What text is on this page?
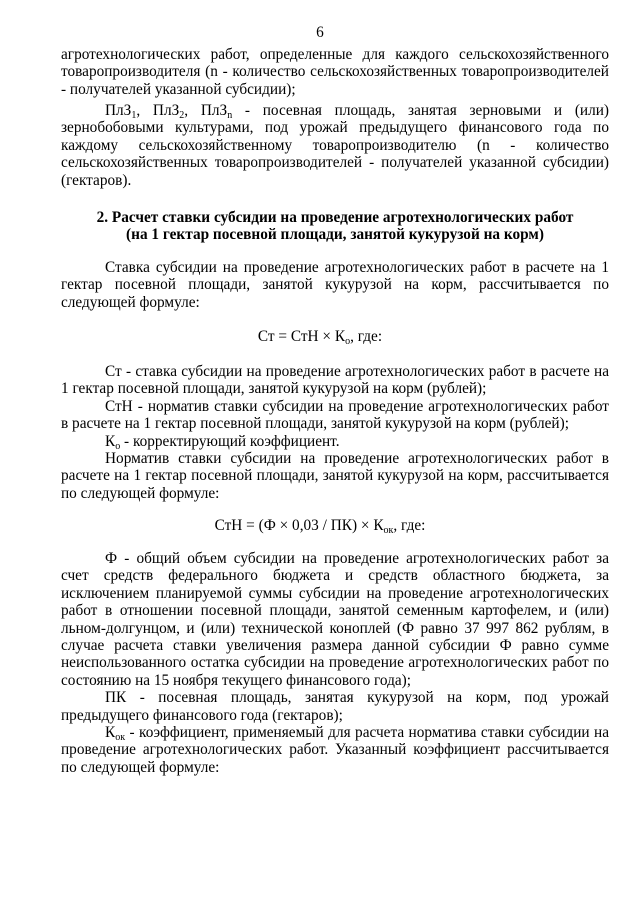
6

агротехнологических работ, определенные для каждого сельскохозяйственного товаропроизводителя (n - количество сельскохозяйственных товаропроизводителей - получателей указанной субсидии);

ПлЗ$_1$, ПлЗ$_2$, ПлЗ$_n$ - посевная площадь, занятая зерновыми и (или) зернобобовыми культурами, под урожай предыдущего финансового года по каждому сельскохозяйственному товаропроизводителю (n - количество сельскохозяйственных товаропроизводителей - получателей указанной субсидии) (гектаров).

2. Расчет ставки субсидии на проведение агротехнологических работ
(на 1 гектар посевной площади, занятой кукурузой на корм)

Ставка субсидии на проведение агротехнологических работ в расчете на 1 гектар посевной площади, занятой кукурузой на корм, рассчитывается по следующей формуле:

Ст = СтН × $К_о$, где:

Ст - ставка субсидии на проведение агротехнологических работ в расчете на 1 гектар посевной площади, занятой кукурузой на корм (рублей);

СтН - норматив ставки субсидии на проведение агротехнологических работ в расчете на 1 гектар посевной площади, занятой кукурузой на корм (рублей);

$К_о$ - корректирующий коэффициент.

Норматив ставки субсидии на проведение агротехнологических работ в расчете на 1 гектар посевной площади, занятой кукурузой на корм, рассчитывается по следующей формуле:

СтН = $(Ф \times 0,03 / ПК) \times К_{ок}$, где:

Ф - общий объем субсидии на проведение агротехнологических работ за счет средств федерального бюджета и средств областного бюджета, за исключением планируемой суммы субсидии на проведение агротехнологических работ в отношении посевной площади, занятой семенным картофелем, и (или) льном-долгунцом, и (или) технической коноплей (Ф равно 37 997 862 рублям, в случае расчета ставки увеличения размера данной субсидии Ф равно сумме неиспользованного остатка субсидии на проведение агротехнологических работ по состоянию на 15 ноября текущего финансового года);

ПК - посевная площадь, занятая кукурузой на корм, под урожай предыдущего финансового года (гектаров);

$К_{ок}$ - коэффициент, применяемый для расчета норматива ставки субсидии на проведение агротехнологических работ. Указанный коэффициент рассчитывается по следующей формуле:
